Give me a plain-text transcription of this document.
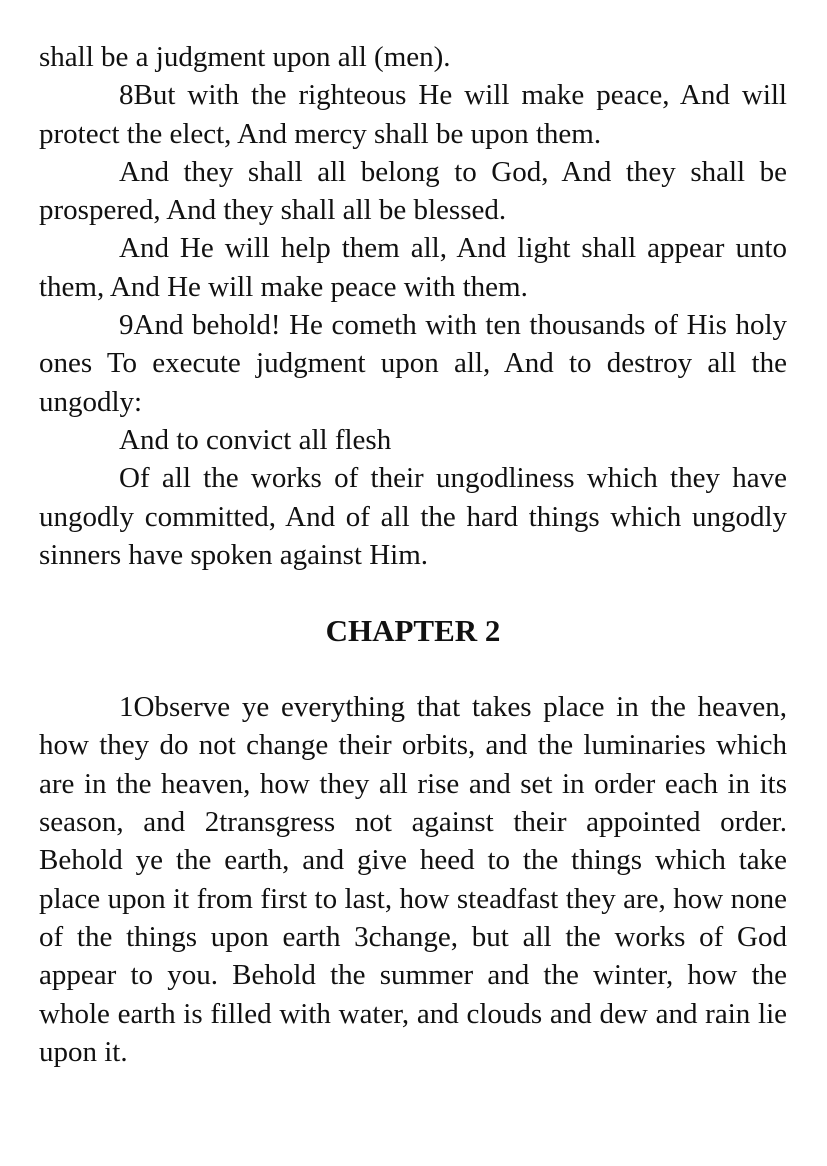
shall be a judgment upon all (men).

8But with the righteous He will make peace, And will protect the elect, And mercy shall be upon them.

And they shall all belong to God, And they shall be prospered, And they shall all be blessed.

And He will help them all, And light shall appear unto them, And He will make peace with them.

9And behold! He cometh with ten thousands of His holy ones To execute judgment upon all, And to destroy all the ungodly:

And to convict all flesh

Of all the works of their ungodliness which they have ungodly committed, And of all the hard things which ungodly sinners have spoken against Him.

CHAPTER 2

1Observe ye everything that takes place in the heaven, how they do not change their orbits, and the luminaries which are in the heaven, how they all rise and set in order each in its season, and 2transgress not against their appointed order. Behold ye the earth, and give heed to the things which take place upon it from first to last, how steadfast they are, how none of the things upon earth 3change, but all the works of God appear to you. Behold the summer and the winter, how the whole earth is filled with water, and clouds and dew and rain lie upon it.
